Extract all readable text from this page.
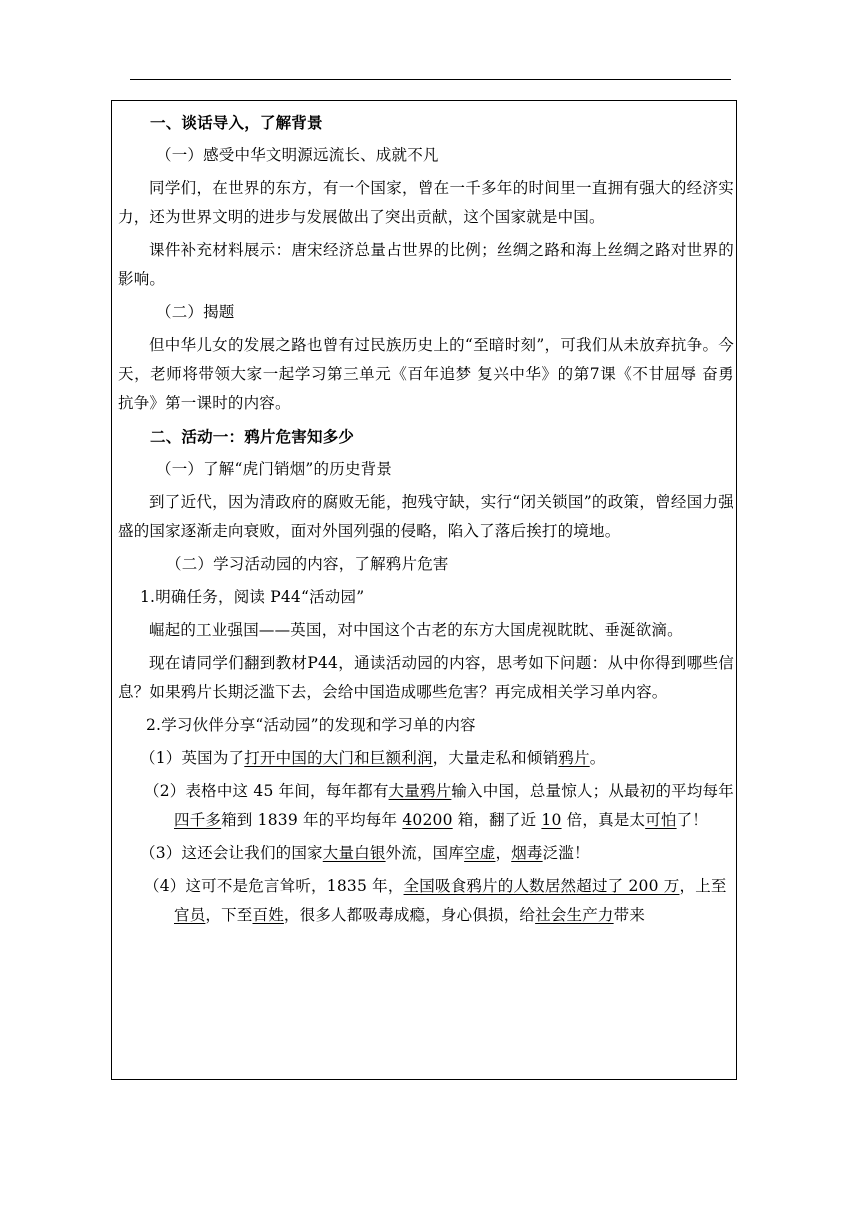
一、谈话导入，了解背景

（一）感受中华文明源远流长、成就不凡

同学们，在世界的东方，有一个国家，曾在一千多年的时间里一直拥有强大的经济实力，还为世界文明的进步与发展做出了突出贡献，这个国家就是中国。

课件补充材料展示：唐宋经济总量占世界的比例；丝绸之路和海上丝绸之路对世界的影响。

（二）揭题

但中华儿女的发展之路也曾有过民族历史上的“至暗时刻”，可我们从未放弃抗争。今天，老师将带领大家一起学习第三单元《百年追梦 复兴中华》的第7课《不甘屈辱 奋勇抗争》第一课时的内容。

二、活动一：鸦片危害知多少

（一）了解“虎门销烟”的历史背景

到了近代，因为清政府的腐败无能，抱残守缺，实行“闭关锁国”的政策，曾经国力强盛的国家逐渐走向衰败，面对外国列强的侵略，陷入了落后挨打的境地。

（二）学习活动园的内容，了解鸦片危害

1.明确任务，阅读 P44“活动园”

崛起的工业强国——英国，对中国这个古老的东方大国虎视眈眈、垂涎欲滴。

现在请同学们翻到教材P44，通读活动园的内容，思考如下问题：从中你得到哪些信息？如果鸦片长期泛滥下去，会给中国造成哪些危害？再完成相关学习单内容。

2.学习伙伴分享“活动园”的发现和学习单的内容

（1）英国为了打开中国的大门和巨额利润，大量走私和倾销鸦片。

（2）表格中这 45 年间，每年都有大量鸦片输入中国，总量惊人；从最初的平均每年四千多箱到 1839 年的平均每年 40200 箱，翻了近 10 倍，真是太可怕了！

（3）这还会让我们的国家大量白银外流，国库空虚，烟毒泛滥！

（4）这可不是危言耸听，1835 年，全国吸食鸦片的人数居然超过了 200 万，上至官员，下至百姓，很多人都吸毒成瘾，身心俱损，给社会生产力带来
